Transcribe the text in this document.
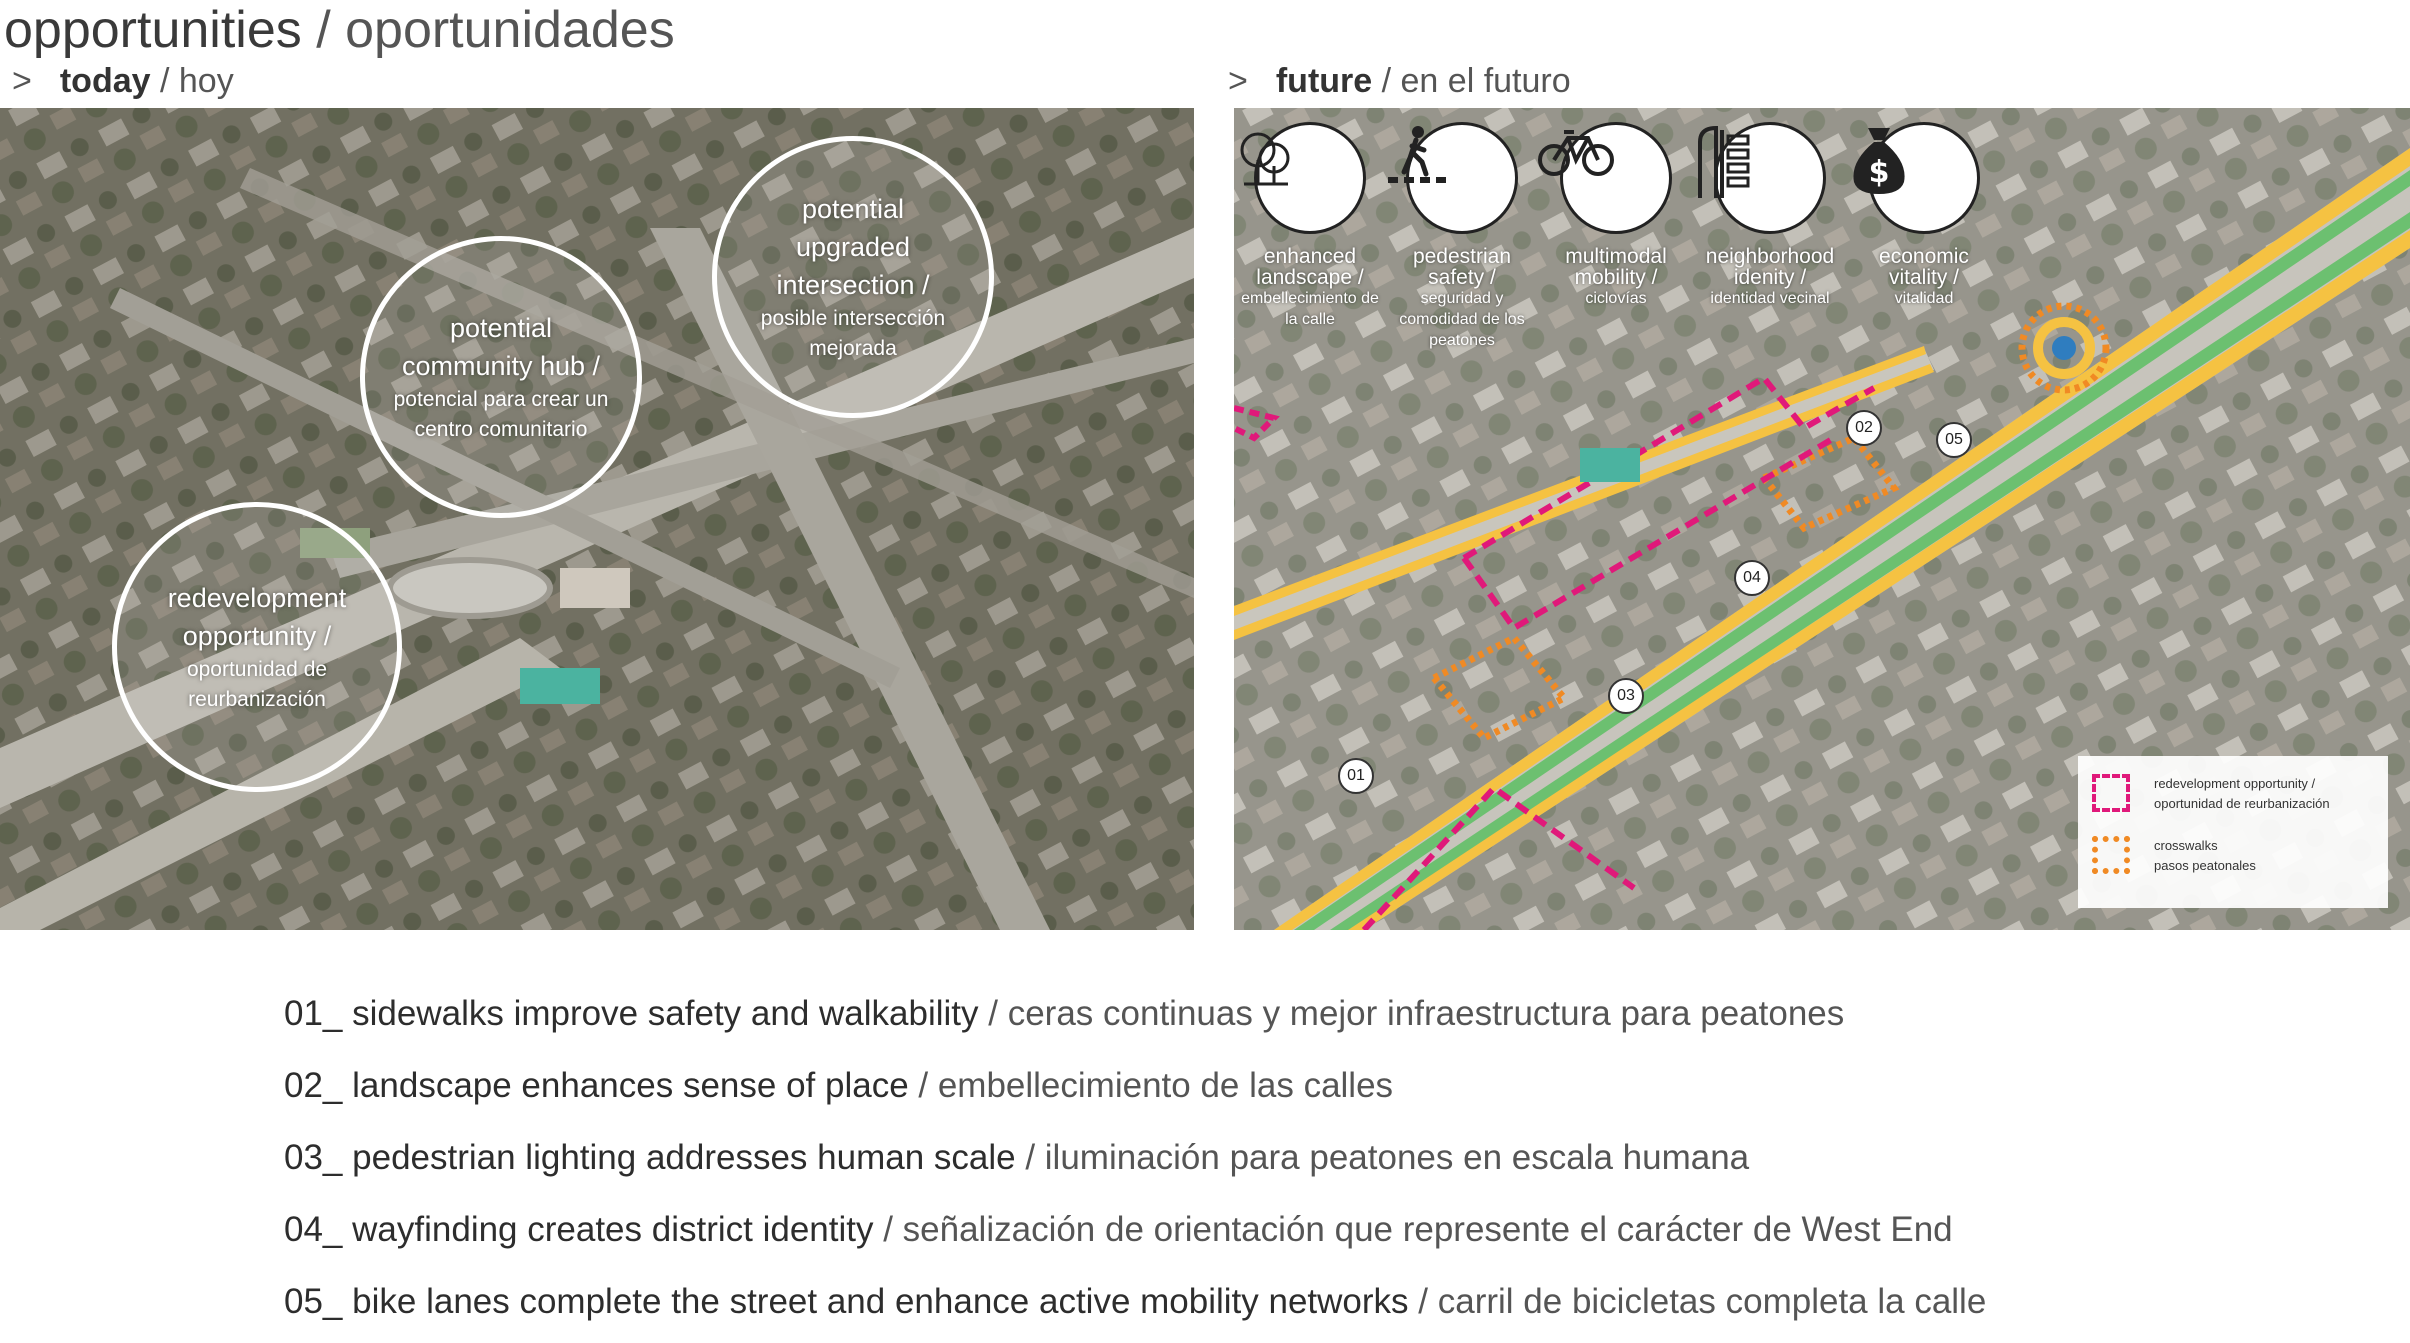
opportunities / oportunidades
> today / hoy	> future / en el futuro
potential community hub /
potencial para crear un centro comunitario
potential upgraded intersection /
posible intersección mejorada
redevelopment opportunity /
oportunidad de reurbanización
enhanced landscape /
embellecimiento de la calle
pedestrian safety /
seguridad y comodidad de los peatones
multimodal mobility /
ciclovías
neighborhood idenity /
identidad vecinal
$
economic vitality /
vitalidad
01
02
03
04
05
redevelopment opportunity /
oportunidad de reurbanización
crosswalks
pasos peatonales
01_ sidewalks improve safety and walkability / ceras continuas y mejor infraestructura para peatones
02_ landscape enhances sense of place / embellecimiento de las calles
03_ pedestrian lighting addresses human scale / iluminación para peatones en escala humana
04_ wayfinding creates district identity / señalización de orientación que represente el carácter de West End
05_ bike lanes complete the street and enhance active mobility networks / carril de bicicletas completa la calle
